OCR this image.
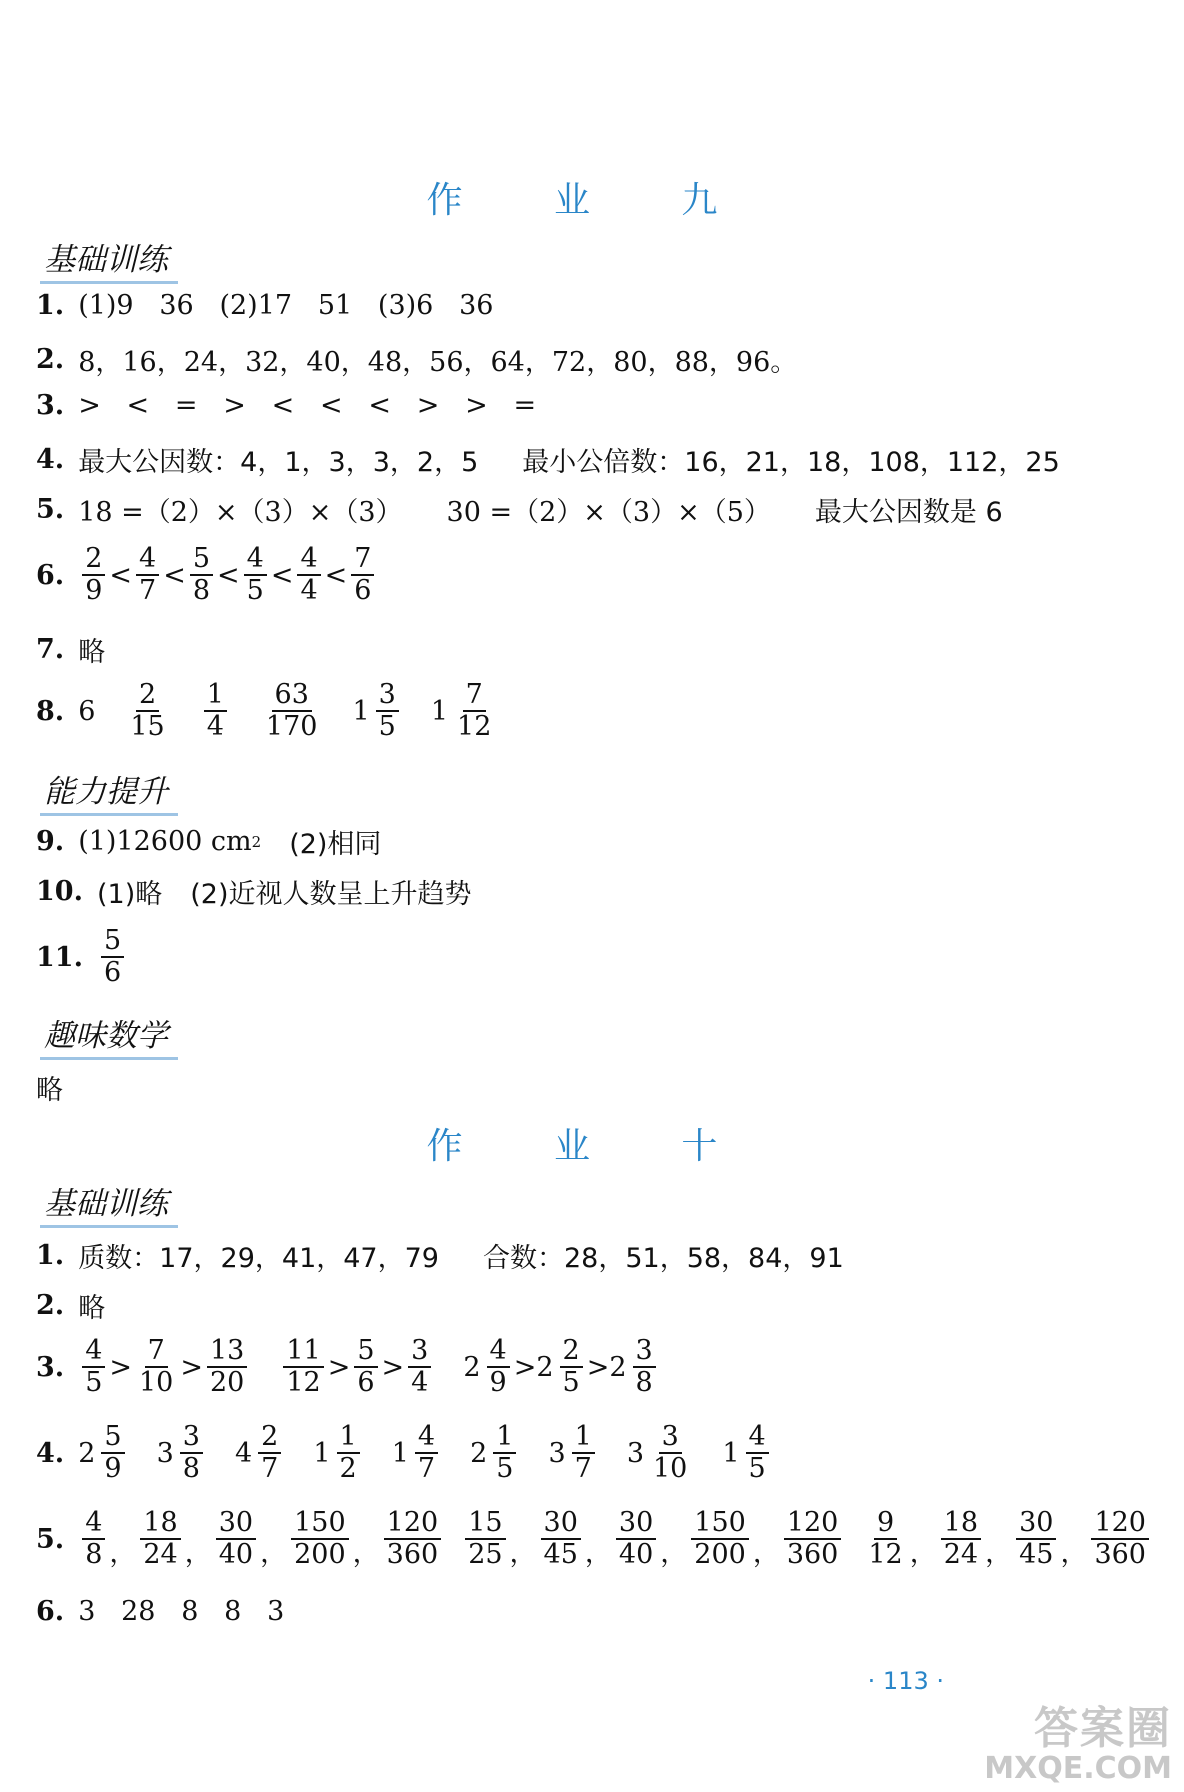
作 业 九
基础训练
1. (1)9   36   (2)17   51   (3)6   36
2. 8，16，24，32，40，48，56，64，72，80，88，96。
3. >   <   =   >   <   <   <   >   >   =
4. 最大公因数：4，1，3，3，2，5 最小公倍数：16，21，18，108，112，25
5. 18 =（2）×（3）×（3） 30 =（2）×（3）×（5） 最大公因数是 6
6. $\frac{2}{9} < \frac{4}{7} < \frac{5}{8} < \frac{4}{5} < \frac{4}{4} < \frac{7}{6}$
7. 略
8. $6 \frac{2}{15} \frac{1}{4} \frac{63}{170} 1 \frac{3}{5} 1 \frac{7}{12}$
能力提升
9. (1)12600 cm 2 (2)相同
10. (1)略 (2)近视人数呈上升趋势
11. $\frac{5}{6}$
趣味数学
略
作 业 十
基础训练
1. 质数：17，29，41，47，79 合数：28，51，58，84，91
2. 略
3. $\frac{4}{5} > \frac{7}{10} > \frac{13}{20} \frac{11}{12} > \frac{5}{6} > \frac{3}{4} 2 \frac{4}{9} > 2 \frac{2}{5} > 2 \frac{3}{8}$
4. $2 \frac{5}{9} 3 \frac{3}{8} 4 \frac{2}{7} 1 \frac{1}{2} 1 \frac{4}{7} 2 \frac{1}{5} 3 \frac{1}{7} 3 \frac{3}{10} 1 \frac{4}{5}$
5. $\frac{4}{8}$ ， $\frac{18}{24}$ ， $\frac{30}{40}$ ， $\frac{150}{200}$ ， $\frac{120}{360} \frac{15}{25}$ ， $\frac{30}{45}$ ， $\frac{30}{40}$ ， $\frac{150}{200}$ ， $\frac{120}{360} \frac{9}{12}$ ， $\frac{18}{24}$ ， $\frac{30}{45}$ ， $\frac{120}{360}$
6. 3   28   8   8   3
· 113 ·
答案圈
MXQE.COM
